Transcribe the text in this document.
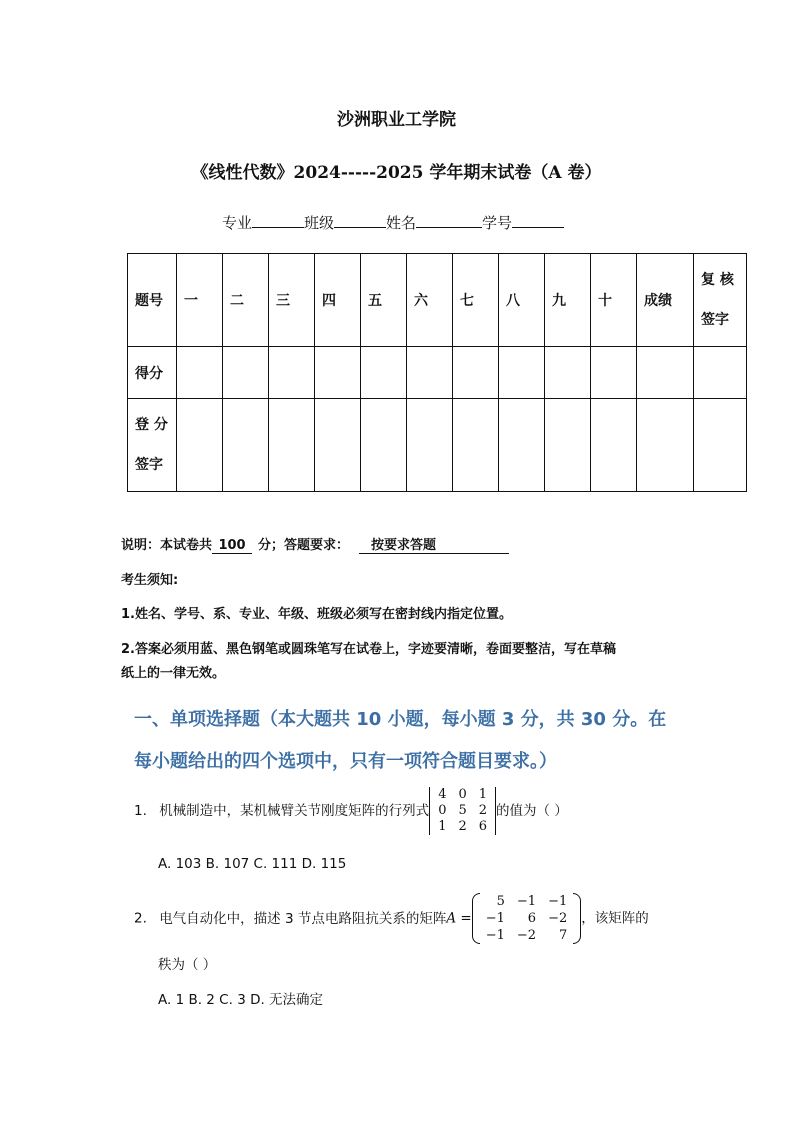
沙洲职业工学院
《线性代数》2024-----2025 学年期末试卷（A 卷）
专业	班级	姓名	学号
题号	一	二	三	四	五	六	七	八	九	十	成绩	复 核
签字

得分												

登 分
签字												

说明：本试卷共 100 分；答题要求： 按要求答题
考生须知:
1.姓名、学号、系、专业、年级、班级必须写在密封线内指定位置。
2.答案必须用蓝、黑色钢笔或圆珠笔写在试卷上，字迹要清晰，卷面要整洁，写在草稿
纸上的一律无效。
一、单项选择题（本大题共 10 小题，每小题 3 分，共 30 分。在
每小题给出的四个选项中，只有一项符合题目要求。）
1. 机械制造中，某机械臂关节刚度矩阵的行列式
4	0	1
0	5	2
1	2	6
的值为（ ）
A. 103 B. 107 C. 111 D. 115
2. 电气自动化中，描述 3 节点电路阻抗关系的矩阵A =
5	−1	−1
−1	6	−2
−1	−2	7
，该矩阵的
秩为（ ）
A. 1 B. 2 C. 3 D. 无法确定
